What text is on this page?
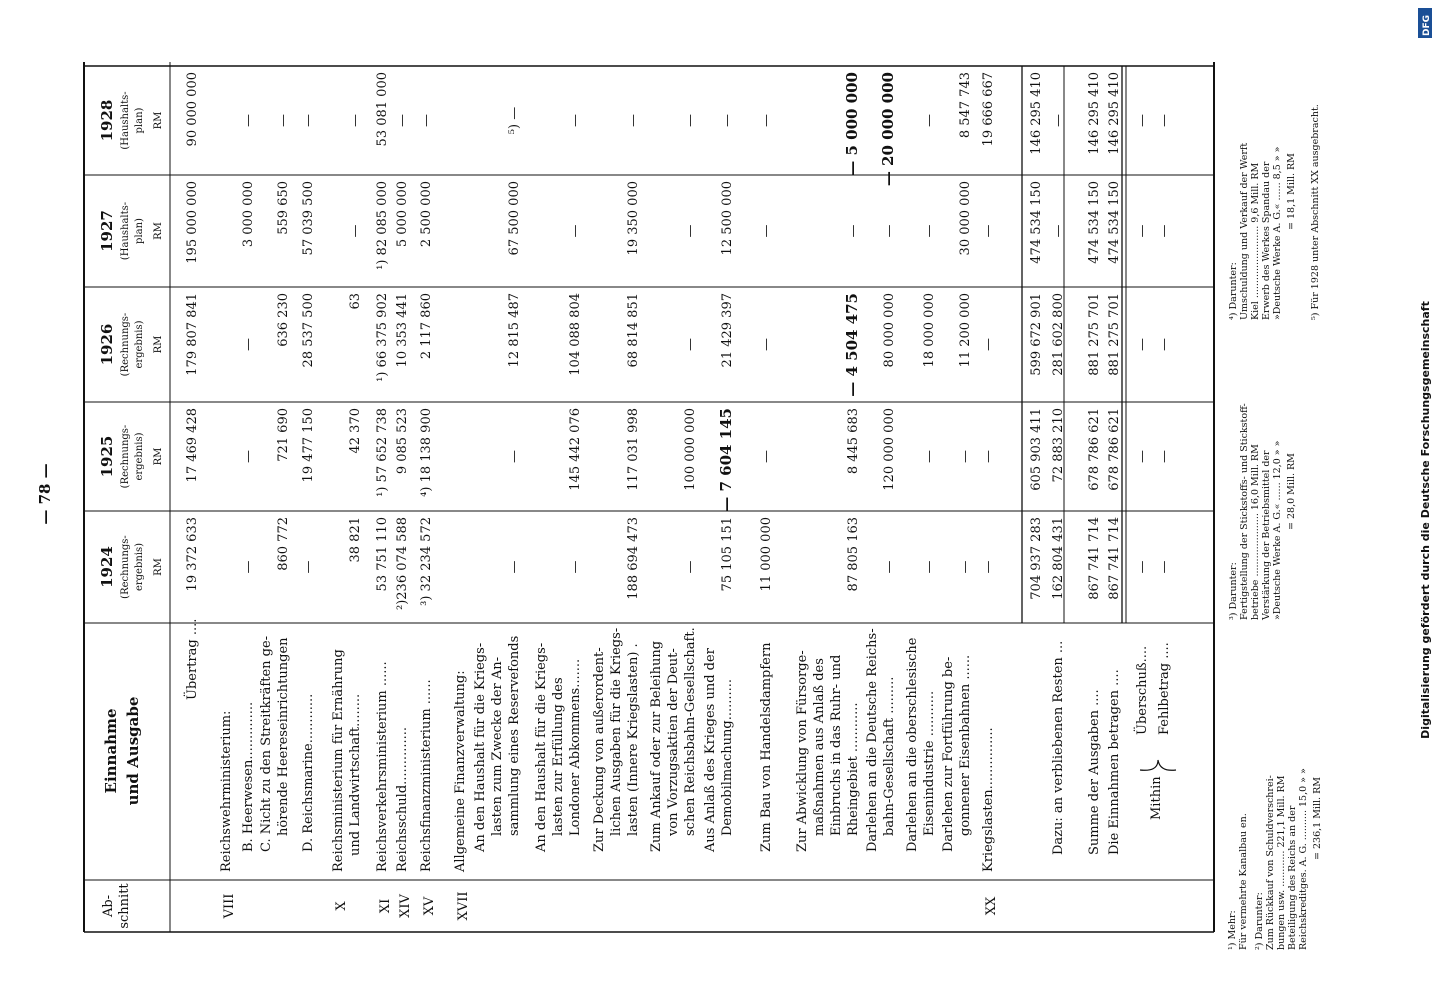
— 78 —	Digitalisierung gefördert durch die Deutsche Forschungsgemeinschaft
DFG
Ab- schnitt
Einnahme und Ausgabe
1924 (Rechnungs- ergebnis) RM
1925 (Rechnungs- ergebnis) RM
1926 (Rechnungs- ergebnis) RM
1927 (Haushalts- plan) RM
1928 (Haushalts- plan) RM
Übertrag ....
19 372 633
17 469 428
179 807 841
195 000 000
90 000 000
VIII
Reichswehrministerium: B. Heerwesen..............
—
—
—
3 000 000
—
C. Nicht zu den Streitkräften ge- hörende Heereseinrichtungen
860 772
721 690
636 230
559 650
—
D. Reichsmarine............
—
19 477 150
28 537 500
57 039 500
—
X
Reichsministerium für Ernährung und Landwirtschaft........
38 821
42 370
63
—
—
XI
Reichsverkehrsministerium ......
53 751 110
¹) 57 652 738
¹) 66 375 902
¹) 82 085 000
53 081 000
XIV
Reichsschuld..............
²)236 074 588
9 085 523
10 353 441
5 000 000
—
XV
Reichsfinanzministerium ......
³) 32 234 572
⁴) 18 138 900
2 117 860
2 500 000
—
XVII
Allgemeine Finanzverwaltung: An den Haushalt für die Kriegs- lasten zum Zwecke der An- sammlung eines Reservefonds
—
—
12 815 487
67 500 000
⁵) —
An den Haushalt für die Kriegs- lasten zur Erfüllung des Londoner Abkommens.......
—
145 442 076
104 088 804
—
—
Zur Deckung von außerordent- lichen Ausgaben für die Kriegs- lasten (Innere Kriegslasten) .
188 694 473
117 031 998
68 814 851
19 350 000
—
Zum Ankauf oder zur Beleihung von Vorzugsaktien der Deut- schen Reichsbahn-Gesellschaft.
—
100 000 000
—
—
—
Aus Anlaß des Krieges und der Demobilmachung..........
75 105 151
— 7 604 145
21 429 397
12 500 000
—
Zum Bau von Handelsdampfern
11 000 000
—
—
—
—
Zur Abwicklung von Fürsorge- maßnahmen aus Anlaß des Einbruchs in das Ruhr- und Rheingebiet ............
87 805 163
8 445 683
— 4 504 475
—
— 5 000 000
Darlehen an die Deutsche Reichs- bahn-Gesellschaft .........
—
120 000 000
80 000 000
—
— 20 000 000
Darlehen an die oberschlesische Eisenindustrie ...........
—
—
18 000 000
—
—
Darlehen zur Fortführung be- gonnener Eisenbahnen ......
—
—
11 200 000
30 000 000
8 547 743
XX
Kriegslasten...............
—
—
—
—
19 666 667
704 937 283
605 903 411
599 672 901
474 534 150
146 295 410
Dazu: an verbliebenen Resten ...
162 804 431
72 883 210
281 602 800
—
—
Summe der Ausgaben ....
867 741 714
678 786 621
881 275 701
474 534 150
146 295 410
Die Einnahmen betragen ....
867 741 714
678 786 621
881 275 701
474 534 150
146 295 410
Überschuß....
—
—
—
—
—
Fehlbetrag ....
—
—
—
—
—
Mithin
¹) Mehr: Für vermehrte Kanalbau en. ²) Darunter: Zum Rückkauf von Schuldverschrei- bungen usw. ............ 221,1 Mill. RM Beteiligung des Reichs an der Reichskreditges. A. G. .......... 15,0 » » = 236,1 Mill. RM
³) Darunter: Fertigstellung der Stickstoffs- und Stickstoff- betriebe ..................... 16,0 Mill. RM Verstärkung der Betriebsmittel der »Deutsche Werke A. G.« ...... 12,0 » » = 28,0 Mill. RM
⁴) Darunter: Umschuldung und Verkauf der Werft Kiel ........................ 9,6 Mill. RM Erwerb des Werkes Spandau der »Deutsche Werke A. G.« ...... 8,5 » » = 18,1 Mill. RM ⁵) Für 1928 unter Abschnitt XX ausgebracht.
